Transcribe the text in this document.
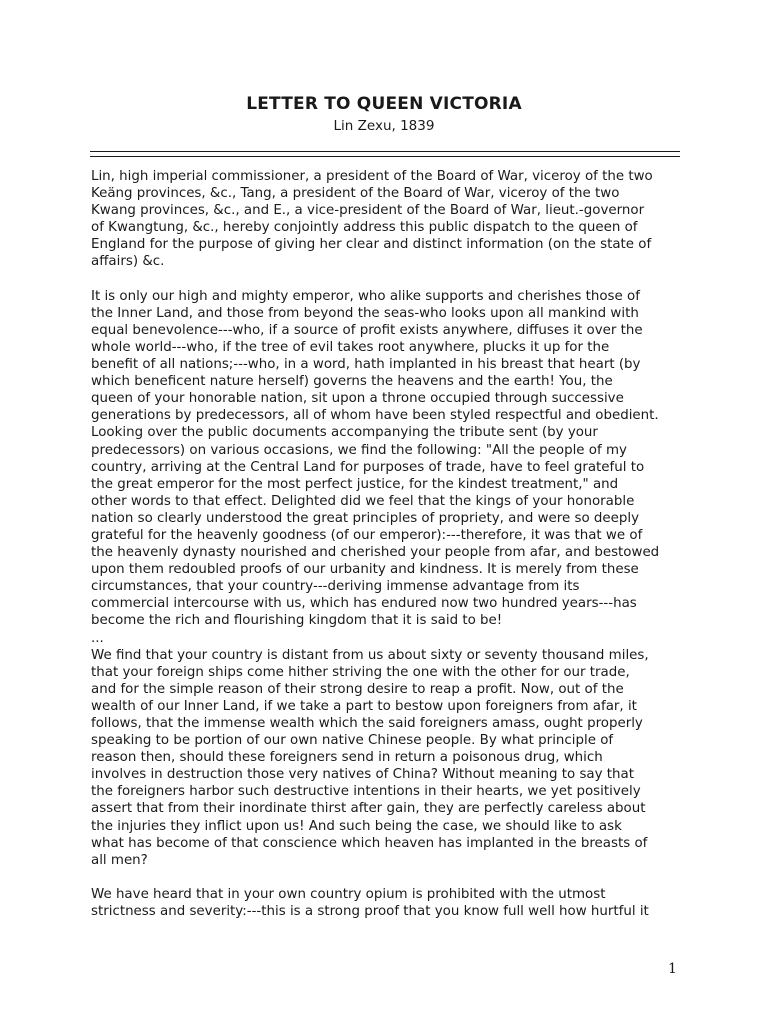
LETTER TO QUEEN VICTORIA
Lin Zexu, 1839
Lin, high imperial commissioner, a president of the Board of War, viceroy of the two
Keäng provinces, &c., Tang, a president of the Board of War, viceroy of the two
Kwang provinces, &c., and E., a vice-president of the Board of War, lieut.-governor
of Kwangtung, &c., hereby conjointly address this public dispatch to the queen of
England for the purpose of giving her clear and distinct information (on the state of
affairs) &c.
It is only our high and mighty emperor, who alike supports and cherishes those of
the Inner Land, and those from beyond the seas-who looks upon all mankind with
equal benevolence---who, if a source of profit exists anywhere, diffuses it over the
whole world---who, if the tree of evil takes root anywhere, plucks it up for the
benefit of all nations;---who, in a word, hath implanted in his breast that heart (by
which beneficent nature herself) governs the heavens and the earth! You, the
queen of your honorable nation, sit upon a throne occupied through successive
generations by predecessors, all of whom have been styled respectful and obedient.
Looking over the public documents accompanying the tribute sent (by your
predecessors) on various occasions, we find the following: "All the people of my
country, arriving at the Central Land for purposes of trade, have to feel grateful to
the great emperor for the most perfect justice, for the kindest treatment," and
other words to that effect. Delighted did we feel that the kings of your honorable
nation so clearly understood the great principles of propriety, and were so deeply
grateful for the heavenly goodness (of our emperor):---therefore, it was that we of
the heavenly dynasty nourished and cherished your people from afar, and bestowed
upon them redoubled proofs of our urbanity and kindness. It is merely from these
circumstances, that your country---deriving immense advantage from its
commercial intercourse with us, which has endured now two hundred years---has
become the rich and flourishing kingdom that it is said to be!
...
We find that your country is distant from us about sixty or seventy thousand miles,
that your foreign ships come hither striving the one with the other for our trade,
and for the simple reason of their strong desire to reap a profit. Now, out of the
wealth of our Inner Land, if we take a part to bestow upon foreigners from afar, it
follows, that the immense wealth which the said foreigners amass, ought properly
speaking to be portion of our own native Chinese people. By what principle of
reason then, should these foreigners send in return a poisonous drug, which
involves in destruction those very natives of China? Without meaning to say that
the foreigners harbor such destructive intentions in their hearts, we yet positively
assert that from their inordinate thirst after gain, they are perfectly careless about
the injuries they inflict upon us! And such being the case, we should like to ask
what has become of that conscience which heaven has implanted in the breasts of
all men?
We have heard that in your own country opium is prohibited with the utmost
strictness and severity:---this is a strong proof that you know full well how hurtful it
1
